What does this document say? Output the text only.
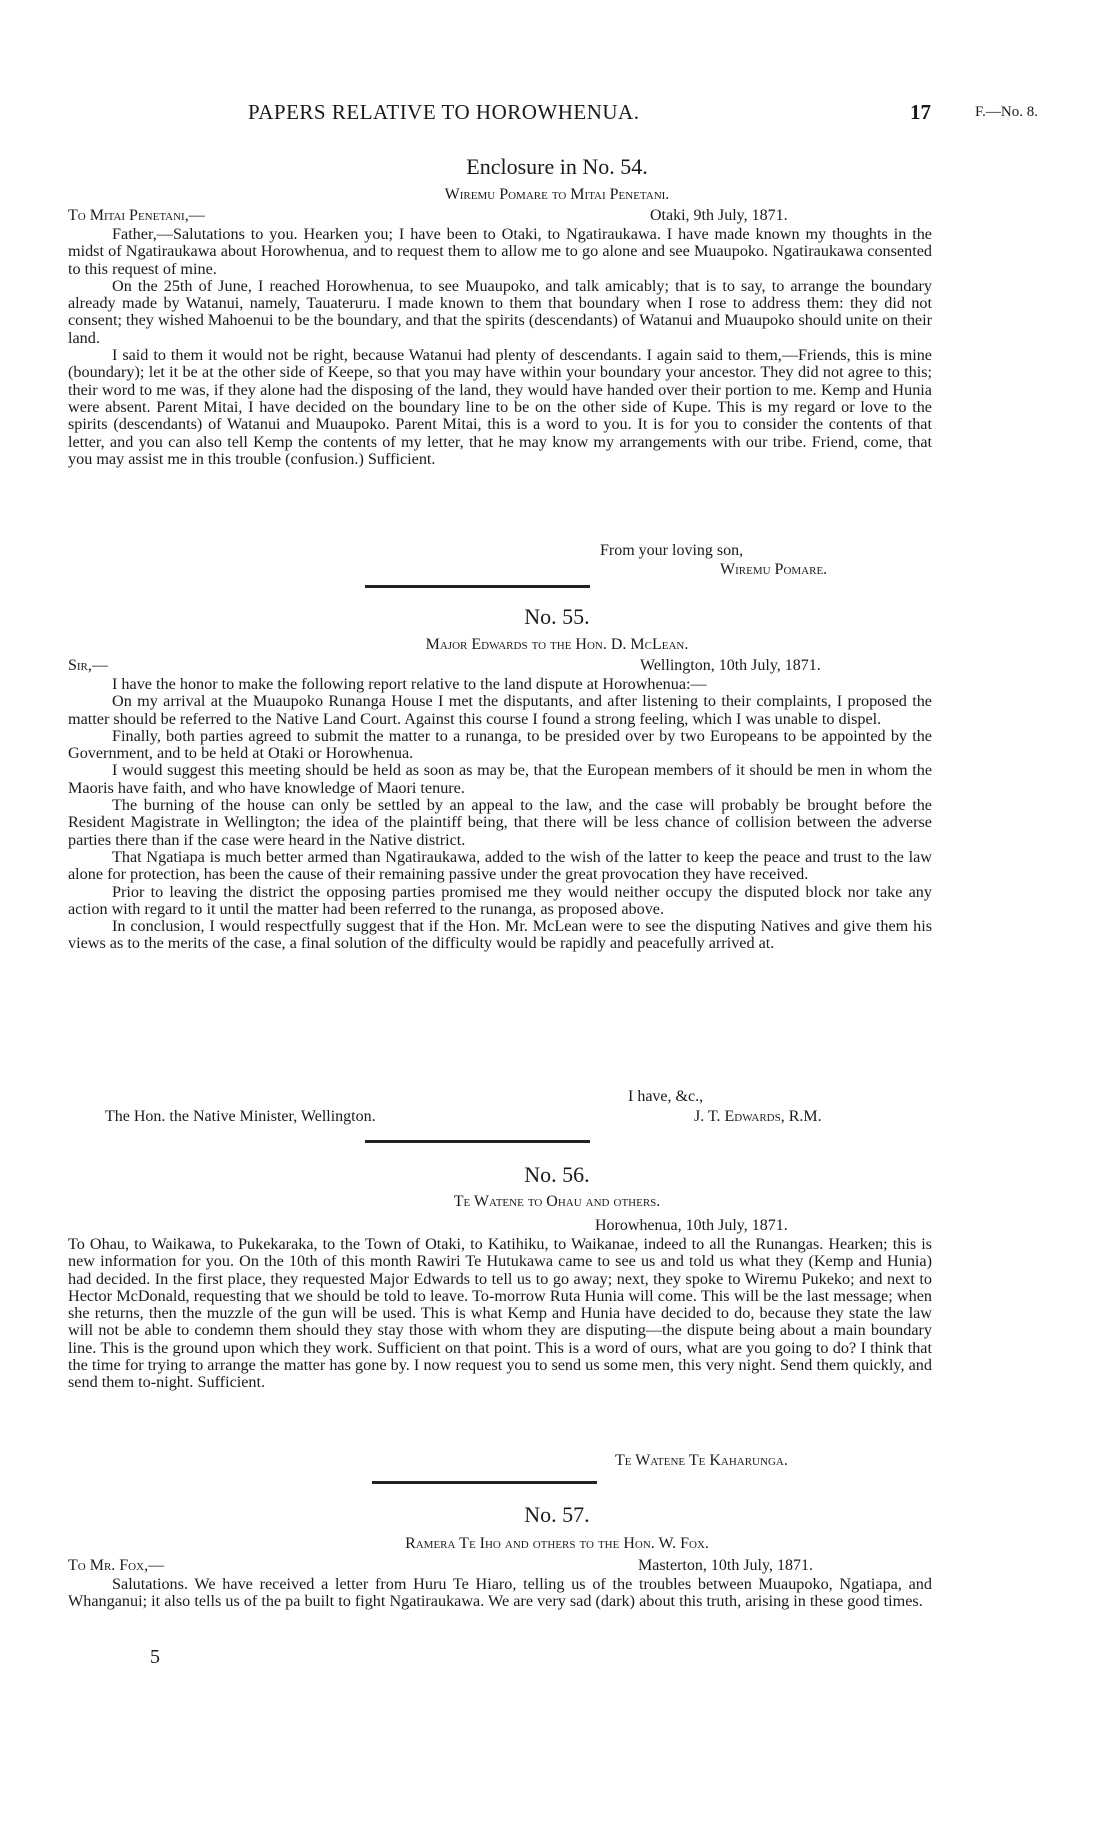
PAPERS RELATIVE TO HOROWHENUA.	17	F.—No. 8.
Enclosure in No. 54.
Wiremu Pomare to Mitai Penetani.
To Mitai Penetani,—	Otaki, 9th July, 1871.

Father,—Salutations to you. Hearken you; I have been to Otaki, to Ngatiraukawa. I have made known my thoughts in the midst of Ngatiraukawa about Horowhenua, and to request them to allow me to go alone and see Muaupoko. Ngatiraukawa consented to this request of mine.

On the 25th of June, I reached Horowhenua, to see Muaupoko, and talk amicably; that is to say, to arrange the boundary already made by Watanui, namely, Tauateruru. I made known to them that boundary when I rose to address them: they did not consent; they wished Mahoenui to be the boundary, and that the spirits (descendants) of Watanui and Muaupoko should unite on their land.

I said to them it would not be right, because Watanui had plenty of descendants. I again said to them,—Friends, this is mine (boundary); let it be at the other side of Keepe, so that you may have within your boundary your ancestor. They did not agree to this; their word to me was, if they alone had the disposing of the land, they would have handed over their portion to me. Kemp and Hunia were absent. Parent Mitai, I have decided on the boundary line to be on the other side of Kupe. This is my regard or love to the spirits (descendants) of Watanui and Muaupoko. Parent Mitai, this is a word to you. It is for you to consider the contents of that letter, and you can also tell Kemp the contents of my letter, that he may know my arrangements with our tribe. Friend, come, that you may assist me in this trouble (confusion.) Sufficient.

From your loving son,
Wiremu Pomare.
No. 55.
Major Edwards to the Hon. D. McLean.
Sir,—	Wellington, 10th July, 1871.

I have the honor to make the following report relative to the land dispute at Horowhenua:—

On my arrival at the Muaupoko Runanga House I met the disputants, and after listening to their complaints, I proposed the matter should be referred to the Native Land Court. Against this course I found a strong feeling, which I was unable to dispel.

Finally, both parties agreed to submit the matter to a runanga, to be presided over by two Europeans to be appointed by the Government, and to be held at Otaki or Horowhenua.

I would suggest this meeting should be held as soon as may be, that the European members of it should be men in whom the Maoris have faith, and who have knowledge of Maori tenure.

The burning of the house can only be settled by an appeal to the law, and the case will probably be brought before the Resident Magistrate in Wellington; the idea of the plaintiff being, that there will be less chance of collision between the adverse parties there than if the case were heard in the Native district.

That Ngatiapa is much better armed than Ngatiraukawa, added to the wish of the latter to keep the peace and trust to the law alone for protection, has been the cause of their remaining passive under the great provocation they have received.

Prior to leaving the district the opposing parties promised me they would neither occupy the disputed block nor take any action with regard to it until the matter had been referred to the runanga, as proposed above.

In conclusion, I would respectfully suggest that if the Hon. Mr. McLean were to see the disputing Natives and give them his views as to the merits of the case, a final solution of the difficulty would be rapidly and peacefully arrived at.

I have, &c.,
The Hon. the Native Minister, Wellington.	J. T. Edwards, R.M.
No. 56.
Te Watene to Ohau and others.
Horowhenua, 10th July, 1871.

To Ohau, to Waikawa, to Pukekaraka, to the Town of Otaki, to Katihiku, to Waikanae, indeed to all the Runangas. Hearken; this is new information for you. On the 10th of this month Rawiri Te Hutukawa came to see us and told us what they (Kemp and Hunia) had decided. In the first place, they requested Major Edwards to tell us to go away; next, they spoke to Wiremu Pukeko; and next to Hector McDonald, requesting that we should be told to leave. To-morrow Ruta Hunia will come. This will be the last message; when she returns, then the muzzle of the gun will be used. This is what Kemp and Hunia have decided to do, because they state the law will not be able to condemn them should they stay those with whom they are disputing—the dispute being about a main boundary line. This is the ground upon which they work. Sufficient on that point. This is a word of ours, what are you going to do? I think that the time for trying to arrange the matter has gone by. I now request you to send us some men, this very night. Send them quickly, and send them to-night. Sufficient.

Te Watene Te Kaharunga.
No. 57.
Ramera Te Iho and others to the Hon. W. Fox.
To Mr. Fox,—	Masterton, 10th July, 1871.

Salutations. We have received a letter from Huru Te Hiaro, telling us of the troubles between Muaupoko, Ngatiapa, and Whanganui; it also tells us of the pa built to fight Ngatiraukawa. We are very sad (dark) about this truth, arising in these good times.

5
